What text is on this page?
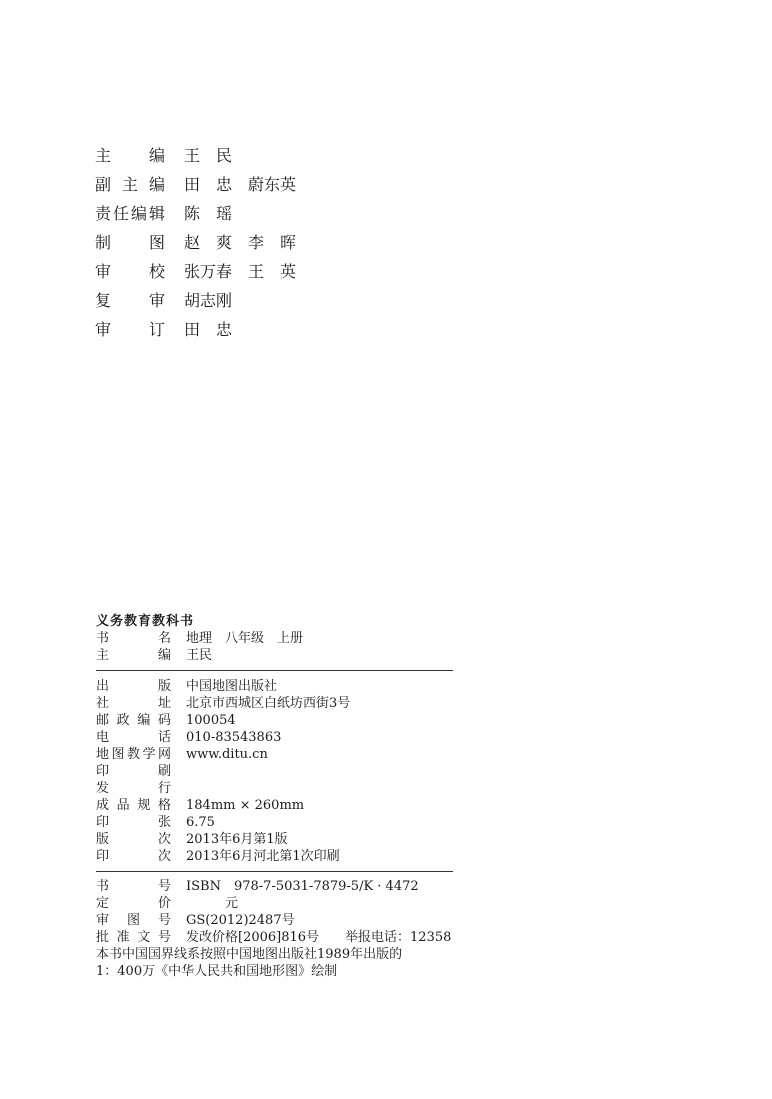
主编 王　民
副主编 田　忠　蔚东英
责任编辑 陈　瑶
制图 赵　爽　李　晖
审校 张万春　王　英
复审 胡志刚
审订 田　忠
义务教育教科书
书名 地理　八年级　上册
主编 王民
出版 中国地图出版社
社址 北京市西城区白纸坊西街3号
邮政编码 100054
电话 010-83543863
地图教学网 www.ditu.cn
印刷
发行
成品规格 184mm × 260mm
印张 6.75
版次 2013年6月第1版
印次 2013年6月河北第1次印刷
书号 ISBN　978-7-5031-7879-5/K · 4472
定价 　　　元
审图号 GS(2012)2487号
批准文号 发改价格[2006]816号　　举报电话：12358
本书中国国界线系按照中国地图出版社1989年出版的
1：400万《中华人民共和国地形图》绘制
